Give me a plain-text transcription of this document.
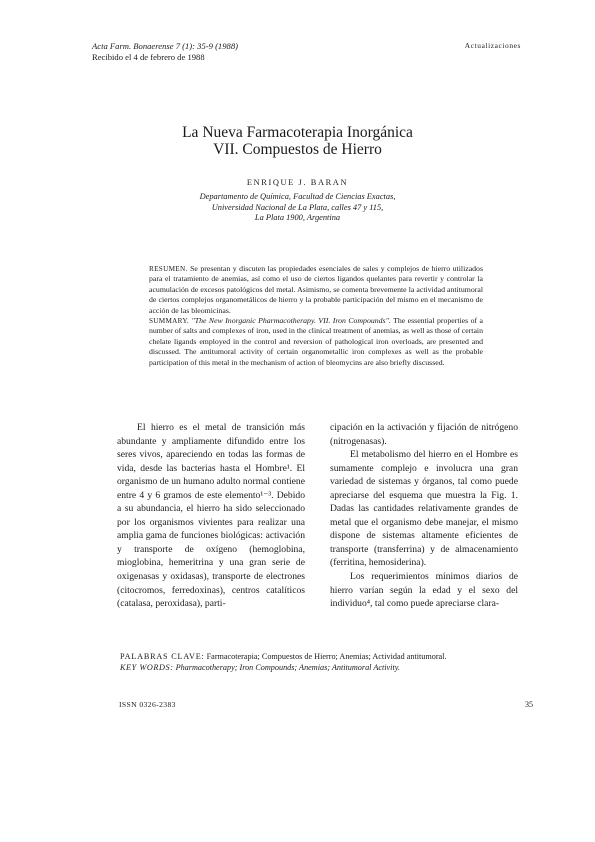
Acta Farm. Bonaerense 7 (1): 35-9 (1988)
Recibido el 4 de febrero de 1988
Actualizaciones
La Nueva Farmacoterapia Inorgánica
VII. Compuestos de Hierro
ENRIQUE J. BARAN
Departamento de Química, Facultad de Ciencias Exactas,
Universidad Nacional de La Plata, calles 47 y 115,
La Plata 1900, Argentina

RESUMEN. Se presentan y discuten las propiedades esenciales de sales y complejos de hierro utilizados para el tratamiento de anemias, así como el uso de ciertos ligandos quelantes para revertir y controlar la acumulación de excesos patológicos del metal. Asimismo, se comenta brevemente la actividad antitumoral de ciertos complejos organometálicos de hierro y la probable participación del mismo en el mecanismo de acción de las bleomicinas.

SUMMARY. "The New Inorganic Pharmacotherapy. VII. Iron Compounds". The essential properties of a number of salts and complexes of iron, used in the clinical treatment of anemias, as well as those of certain chelate ligands employed in the control and reversion of pathological iron overloads, are presented and discussed. The antitumoral activity of certain organometallic iron complexes as well as the probable participation of this metal in the mechanism of action of bleomycins are also briefly discussed.

El hierro es el metal de transición más abundante y ampliamente difundido entre los seres vivos, apareciendo en todas las formas de vida, desde las bacterias hasta el Hombre¹. El organismo de un humano adulto normal contiene entre 4 y 6 gramos de este elemento¹⁻³. Debido a su abundancia, el hierro ha sido seleccionado por los organismos vivientes para realizar una amplia gama de funciones biológicas: activación y transporte de oxígeno (hemoglobina, mioglobina, hemeritrina y una gran serie de oxigenasas y oxidasas), transporte de electrones (citocromos, ferredoxinas), centros catalíticos (catalasa, peroxidasa), parti-

cipación en la activación y fijación de nitrógeno (nitrogenasas).

El metabolismo del hierro en el Hombre es sumamente complejo e involucra una gran variedad de sistemas y órganos, tal como puede apreciarse del esquema que muestra la Fig. 1. Dadas las cantidades relativamente grandes de metal que el organismo debe manejar, el mismo dispone de sistemas altamente eficientes de transporte (transferrina) y de almacenamiento (ferritina, hemosiderina).

Los requerimientos mínimos diarios de hierro varían según la edad y el sexo del individuo⁴, tal como puede apreciarse clara-

PALABRAS CLAVE: Farmacoterapia; Compuestos de Hierro; Anemias; Actividad antitumoral.
KEY WORDS: Pharmacotherapy; Iron Compounds; Anemias; Antitumoral Activity.
ISSN 0326-2383	35
